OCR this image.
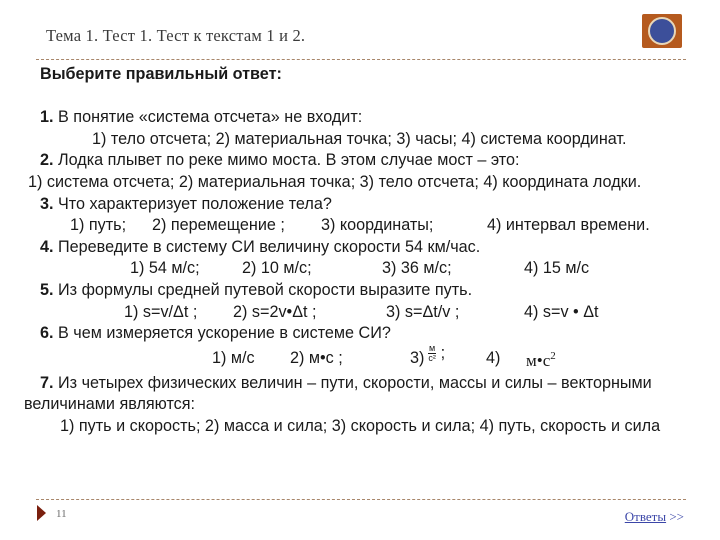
Тема 1. Тест 1. Тест к текстам 1 и 2.
Выберите правильный ответ:
1. В понятие «система отсчета» не входит:
1) тело отсчета; 2) материальная точка; 3) часы; 4) система координат.
2. Лодка плывет по реке мимо моста. В этом случае мост – это:
1) система отсчета; 2) материальная точка; 3) тело отсчета; 4) координата лодки.
3. Что характеризует положение тела?
1) путь; 2) перемещение ; 3) координаты;	4) интервал времени.
4. Переведите в систему СИ величину скорости 54 км/час.
1) 54 м/с;	2) 10 м/с;	3) 36 м/с;	4) 15 м/с
5. Из формулы средней путевой скорости выразите путь.
1) s=v/Δt ; 2) s=2v•Δt ;	3) s=Δt/v ;	4) s=v • Δt
6. В чем измеряется ускорение в системе СИ?
1) м/с 2) м•с ;	$3) \frac{м}{\text{с²}}$ ;	4) $м•с^2$
7. Из четырех физических величин – пути, скорости, массы и силы – векторными
величинами являются:
1) путь и скорость; 2) масса и сила; 3) скорость и сила; 4) путь, скорость и сила
11	Ответы >>
